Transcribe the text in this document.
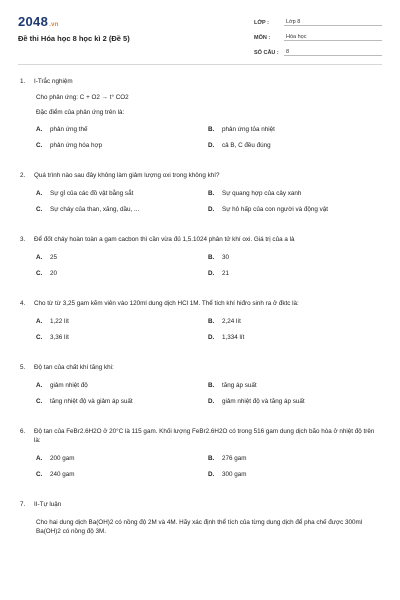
2048.vn
Đề thi Hóa học 8 học kì 2 (Đề 5)
LỚP :	Lớp 8
MÔN :	Hóa học
SỐ CÂU :	8
1.	I-Trắc nghiệm
Cho phản ứng: C + O2 → t° CO2
Đặc điểm của phản ứng trên là:
A.	phản ứng thế	B.	phản ứng tỏa nhiệt
C.	phản ứng hóa hợp	D.	cả B, C đều đúng
2.	Quá trình nào sau đây không làm giảm lượng oxi trong không khí?
A.	Sự gỉ của các đồ vật bằng sắt	B.	Sự quang hợp của cây xanh
C.	Sự cháy của than, xăng, dầu, ...	D.	Sự hô hấp của con người và động vật
3.	Để đốt cháy hoàn toàn a gam cacbon thì cần vừa đủ 1,5.1024 phân tử khí oxi. Giá trị của a là
A.	25	B.	30
C.	20	D.	21
4.	Cho từ từ 3,25 gam kẽm viên vào 120ml dung dịch HCl 1M. Thể tích khí hiđro sinh ra ở đktc là:
A.	1,22 lít	B.	2,24 lít
C.	3,36 lít	D.	1,334 lít
5.	Độ tan của chất khí tăng khi:
A.	giảm nhiệt độ	B.	tăng áp suất
C.	tăng nhiệt độ và giảm áp suất	D.	giảm nhiệt độ và tăng áp suất
6.	Độ tan của FeBr2.6H2O ở 20°C là 115 gam. Khối lượng FeBr2.6H2O có trong 516 gam dung dịch bão hòa ở nhiệt độ trên là:
A.	200 gam	B.	276 gam
C.	240 gam	D.	300 gam
7.	II-Tự luận
Cho hai dung dịch Ba(OH)2 có nồng độ 2M và 4M. Hãy xác định thể tích của từng dung dịch để pha chế được 300ml Ba(OH)2 có nồng độ 3M.
